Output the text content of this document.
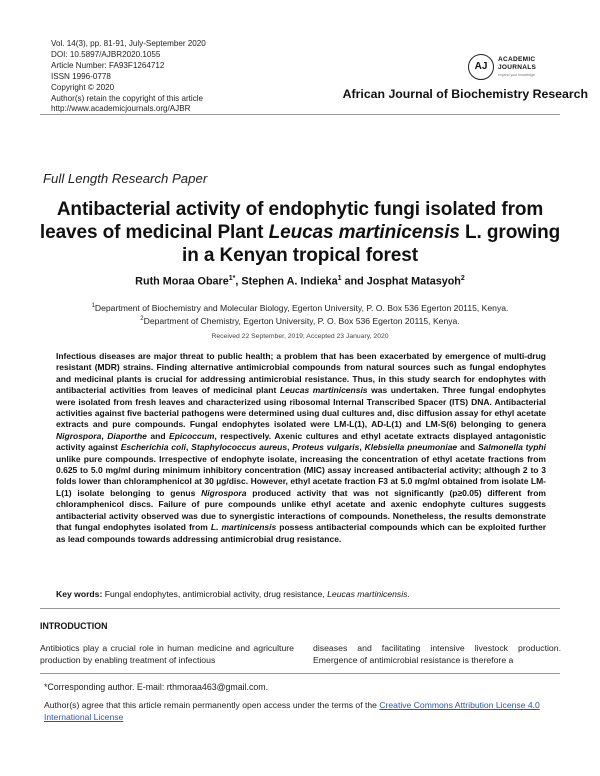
Vol. 14(3), pp. 81-91, July-September 2020
DOI: 10.5897/AJBR2020.1055
Article Number: FA93F1264712
ISSN 1996-0778
Copyright © 2020
Author(s) retain the copyright of this article
http://www.academicjournals.org/AJBR
AJ
ACADEMIC
JOURNALS
expand your knowledge
African Journal of Biochemistry Research
Full Length Research Paper
Antibacterial activity of endophytic fungi isolated from leaves of medicinal Plant Leucas martinicensis L. growing in a Kenyan tropical forest
Ruth Moraa Obare$^{1*}$, Stephen A. Indieka$^1$ and Josphat Matasyoh$^2$
$^1$Department of Biochemistry and Molecular Biology, Egerton University, P. O. Box 536 Egerton 20115, Kenya.
$^2$Department of Chemistry, Egerton University, P. O. Box 536 Egerton 20115, Kenya.
Received 22 September, 2019; Accepted 23 January, 2020
Infectious diseases are major threat to public health; a problem that has been exacerbated by emergence of multi-drug resistant (MDR) strains. Finding alternative antimicrobial compounds from natural sources such as fungal endophytes and medicinal plants is crucial for addressing antimicrobial resistance. Thus, in this study search for endophytes with antibacterial activities from leaves of medicinal plant Leucas martinicensis was undertaken. Three fungal endophytes were isolated from fresh leaves and characterized using ribosomal Internal Transcribed Spacer (ITS) DNA. Antibacterial activities against five bacterial pathogens were determined using dual cultures and, disc diffusion assay for ethyl acetate extracts and pure compounds. Fungal endophytes isolated were LM-L(1), AD-L(1) and LM-S(6) belonging to genera Nigrospora, Diaporthe and Epicoccum, respectively. Axenic cultures and ethyl acetate extracts displayed antagonistic activity against Escherichia coli, Staphylococcus aureus, Proteus vulgaris, Klebsiella pneumoniae and Salmonella typhi unlike pure compounds. Irrespective of endophyte isolate, increasing the concentration of ethyl acetate fractions from 0.625 to 5.0 mg/ml during minimum inhibitory concentration (MIC) assay increased antibacterial activity; although 2 to 3 folds lower than chloramphenicol at 30 µg/disc. However, ethyl acetate fraction F3 at 5.0 mg/ml obtained from isolate LM-L(1) isolate belonging to genus Nigrospora produced activity that was not significantly (p≥0.05) different from chloramphenicol discs. Failure of pure compounds unlike ethyl acetate and axenic endophyte cultures suggests antibacterial activity observed was due to synergistic interactions of compounds. Nonetheless, the results demonstrate that fungal endophytes isolated from L. martinicensis possess antibacterial compounds which can be exploited further as lead compounds towards addressing antimicrobial drug resistance.
Key words: Fungal endophytes, antimicrobial activity, drug resistance, Leucas martinicensis.
INTRODUCTION
Antibiotics play a crucial role in human medicine and agriculture production by enabling treatment of infectious
diseases and facilitating intensive livestock production. Emergence of antimicrobial resistance is therefore a
*Corresponding author. E-mail: rthmoraa463@gmail.com.
Author(s) agree that this article remain permanently open access under the terms of the Creative Commons Attribution License 4.0 International License
